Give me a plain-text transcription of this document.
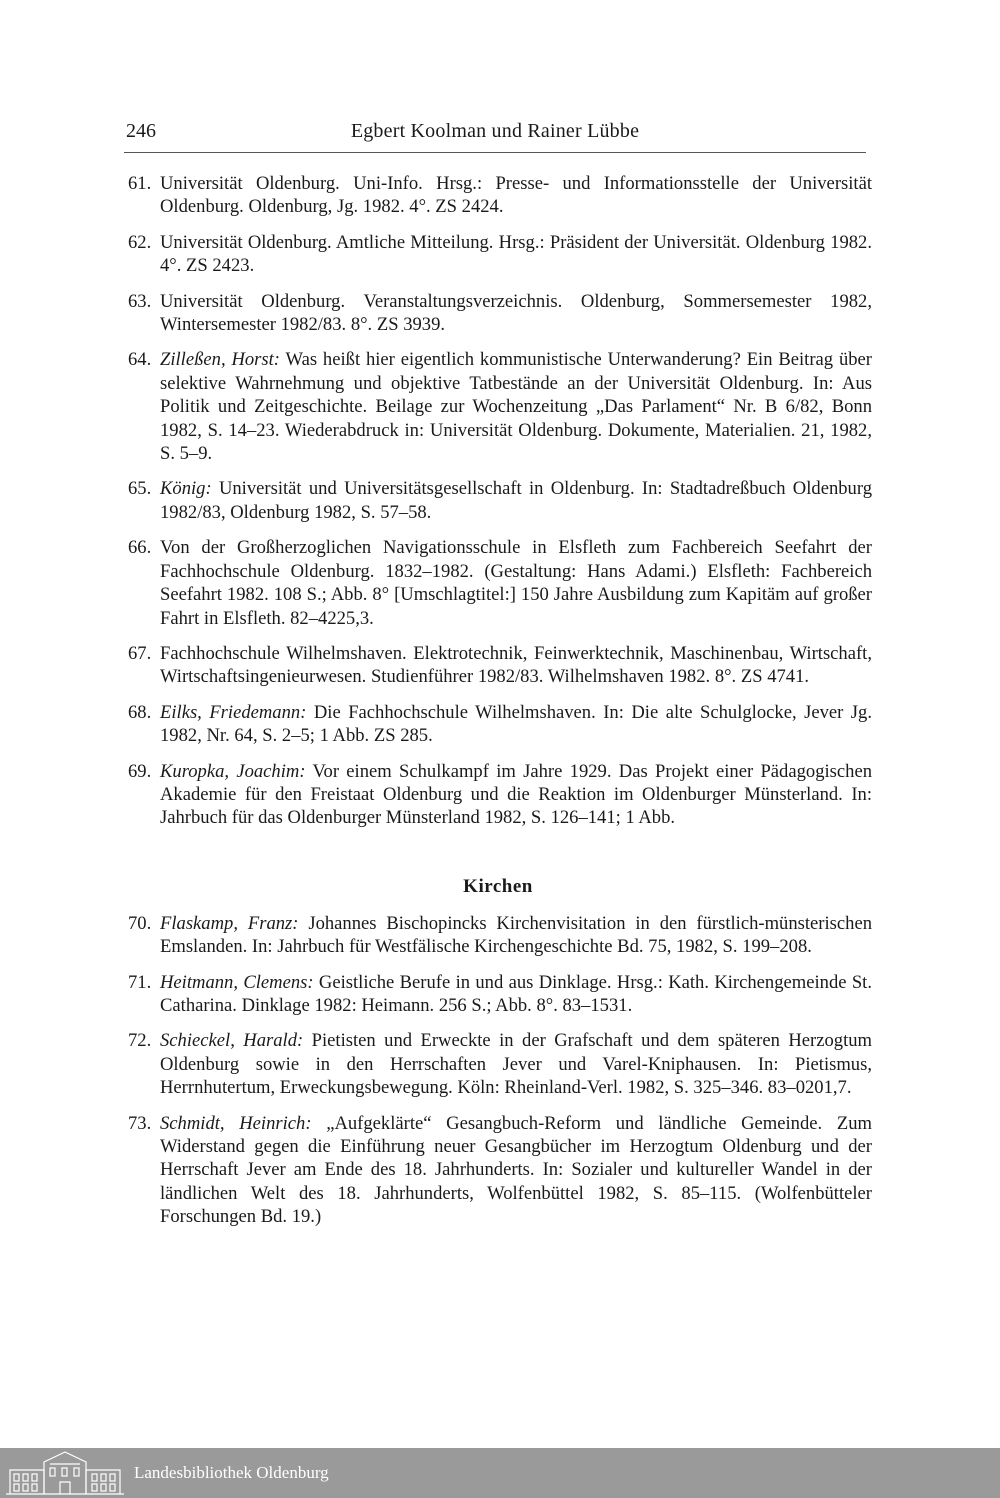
246	Egbert Koolman und Rainer Lübbe
61. Universität Oldenburg. Uni-Info. Hrsg.: Presse- und Informationsstelle der Universität Oldenburg. Oldenburg, Jg. 1982. 4°. ZS 2424.
62. Universität Oldenburg. Amtliche Mitteilung. Hrsg.: Präsident der Universität. Oldenburg 1982. 4°. ZS 2423.
63. Universität Oldenburg. Veranstaltungsverzeichnis. Oldenburg, Sommersemester 1982, Wintersemester 1982/83. 8°. ZS 3939.
64. Zilleßen, Horst: Was heißt hier eigentlich kommunistische Unterwanderung? Ein Beitrag über selektive Wahrnehmung und objektive Tatbestände an der Universität Oldenburg. In: Aus Politik und Zeitgeschichte. Beilage zur Wochenzeitung „Das Parlament“ Nr. B 6/82, Bonn 1982, S. 14–23. Wiederabdruck in: Universität Oldenburg. Dokumente, Materialien. 21, 1982, S. 5–9.
65. König: Universität und Universitätsgesellschaft in Oldenburg. In: Stadtadreßbuch Oldenburg 1982/83, Oldenburg 1982, S. 57–58.
66. Von der Großherzoglichen Navigationsschule in Elsfleth zum Fachbereich Seefahrt der Fachhochschule Oldenburg. 1832–1982. (Gestaltung: Hans Adami.) Elsfleth: Fachbereich Seefahrt 1982. 108 S.; Abb. 8° [Umschlagtitel:] 150 Jahre Ausbildung zum Kapitäm auf großer Fahrt in Elsfleth. 82–4225,3.
67. Fachhochschule Wilhelmshaven. Elektrotechnik, Feinwerktechnik, Maschinenbau, Wirtschaft, Wirtschaftsingenieurwesen. Studienführer 1982/83. Wilhelmshaven 1982. 8°. ZS 4741.
68. Eilks, Friedemann: Die Fachhochschule Wilhelmshaven. In: Die alte Schulglocke, Jever Jg. 1982, Nr. 64, S. 2–5; 1 Abb. ZS 285.
69. Kuropka, Joachim: Vor einem Schulkampf im Jahre 1929. Das Projekt einer Pädagogischen Akademie für den Freistaat Oldenburg und die Reaktion im Oldenburger Münsterland. In: Jahrbuch für das Oldenburger Münsterland 1982, S. 126–141; 1 Abb.
Kirchen
70. Flaskamp, Franz: Johannes Bischopincks Kirchenvisitation in den fürstlich-münsterischen Emslanden. In: Jahrbuch für Westfälische Kirchengeschichte Bd. 75, 1982, S. 199–208.
71. Heitmann, Clemens: Geistliche Berufe in und aus Dinklage. Hrsg.: Kath. Kirchengemeinde St. Catharina. Dinklage 1982: Heimann. 256 S.; Abb. 8°. 83–1531.
72. Schieckel, Harald: Pietisten und Erweckte in der Grafschaft und dem späteren Herzogtum Oldenburg sowie in den Herrschaften Jever und Varel-Kniphausen. In: Pietismus, Herrnhutertum, Erweckungsbewegung. Köln: Rheinland-Verl. 1982, S. 325–346. 83–0201,7.
73. Schmidt, Heinrich: „Aufgeklärte“ Gesangbuch-Reform und ländliche Gemeinde. Zum Widerstand gegen die Einführung neuer Gesangbücher im Herzogtum Oldenburg und der Herrschaft Jever am Ende des 18. Jahrhunderts. In: Sozialer und kultureller Wandel in der ländlichen Welt des 18. Jahrhunderts, Wolfenbüttel 1982, S. 85–115. (Wolfenbütteler Forschungen Bd. 19.)
Landesbibliothek Oldenburg
